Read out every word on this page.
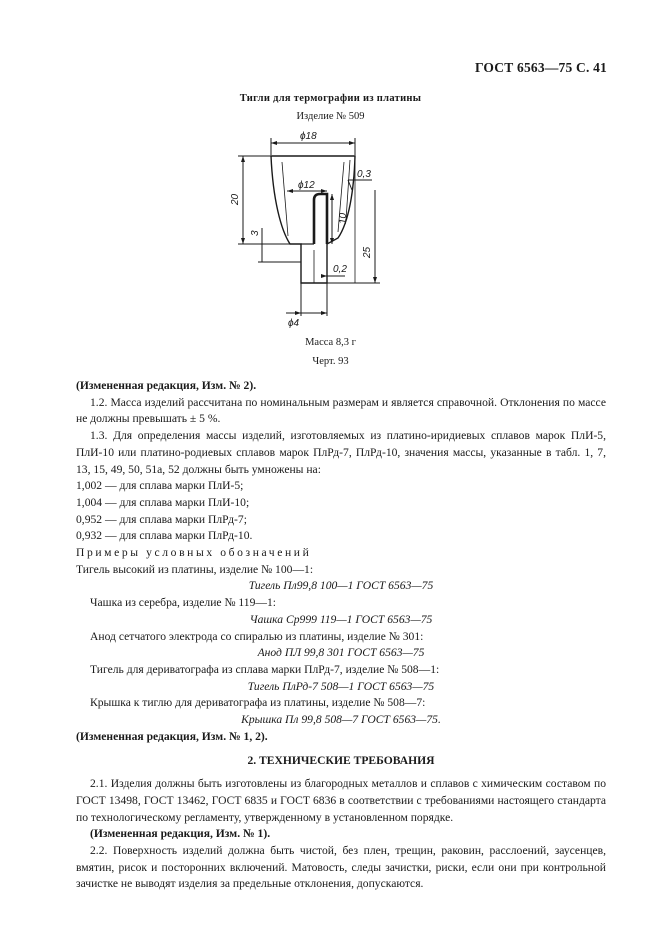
ГОСТ 6563—75 С. 41
Тигли для термографии из платины
Изделие № 509
ϕ18
ϕ12
0,3
20
10
3
25
0,2
ϕ4
Масса 8,3 г
Черт. 93

(Измененная редакция, Изм. № 2).

1.2. Масса изделий рассчитана по номинальным размерам и является справочной. Отклонения по массе не должны превышать ± 5 %.

1.3. Для определения массы изделий, изготовляемых из платино-иридиевых сплавов марок ПлИ-5, ПлИ-10 или платино-родиевых сплавов марок ПлРд-7, ПлРд-10, значения массы, указанные в табл. 1, 7, 13, 15, 49, 50, 51а, 52 должны быть умножены на:

1,002 — для сплава марки ПлИ-5;

1,004 — для сплава марки ПлИ-10;

0,952 — для сплава марки ПлРд-7;

0,932 — для сплава марки ПлРд-10.

Примеры условных обозначений

Тигель высокий из платины, изделие № 100—1:

Тигель Пл99,8 100—1 ГОСТ 6563—75

Чашка из серебра, изделие № 119—1:

Чашка Ср999 119—1 ГОСТ 6563—75

Анод сетчатого электрода со спиралью из платины, изделие № 301:

Анод ПЛ 99,8 301 ГОСТ 6563—75

Тигель для дериватографа из сплава марки ПлРд-7, изделие № 508—1:

Тигель ПлРд-7 508—1 ГОСТ 6563—75

Крышка к тиглю для дериватографа из платины, изделие № 508—7:

Крышка Пл 99,8 508—7 ГОСТ 6563—75.

(Измененная редакция, Изм. № 1, 2).

2. ТЕХНИЧЕСКИЕ ТРЕБОВАНИЯ

2.1. Изделия должны быть изготовлены из благородных металлов и сплавов с химическим составом по ГОСТ 13498, ГОСТ 13462, ГОСТ 6835 и ГОСТ 6836 в соответствии с требованиями настоящего стандарта по технологическому регламенту, утвержденному в установленном порядке.

(Измененная редакция, Изм. № 1).

2.2. Поверхность изделий должна быть чистой, без плен, трещин, раковин, расслоений, заусенцев, вмятин, рисок и посторонних включений. Матовость, следы зачистки, риски, если они при контрольной зачистке не выводят изделия за предельные отклонения, допускаются.
